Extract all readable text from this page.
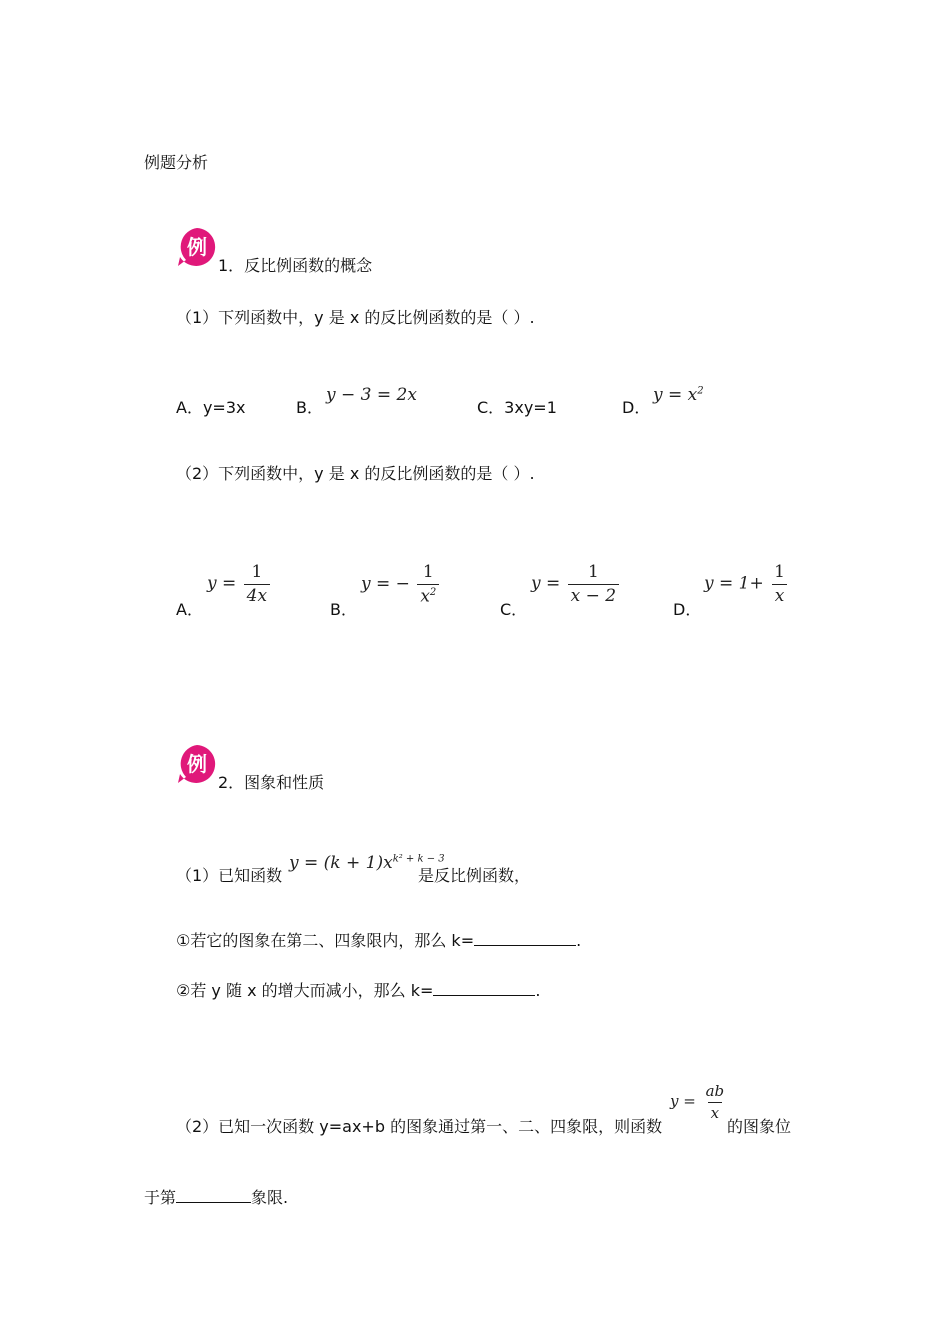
例题分析
例
1．反比例函数的概念
（1）下列函数中，y 是 x 的反比例函数的是（ ）.
A．y=3x	B．
y − 3 = 2x
C．3xy=1	D．
$y = x^2$
（2）下列函数中，y 是 x 的反比例函数的是（ ）.
A．
$y = \frac{1}{4x}$
B．
y = − $\frac{1}{x^2}$
C．
$y = \frac{1}{x - 2}$
D．
$y = 1+ \frac{1}{x}$
例
2．图象和性质
（1）已知函数
$y = (k + 1)x^{k^2 + k - 3}$
是反比例函数，
①若它的图象在第二、四象限内，那么 k=	.
②若 y 随 x 的增大而减小，那么 k=	.
（2）已知一次函数 y=ax+b 的图象通过第一、二、四象限，则函数
$y = \frac{ab}{x}$
的图象位
于第	象限.
